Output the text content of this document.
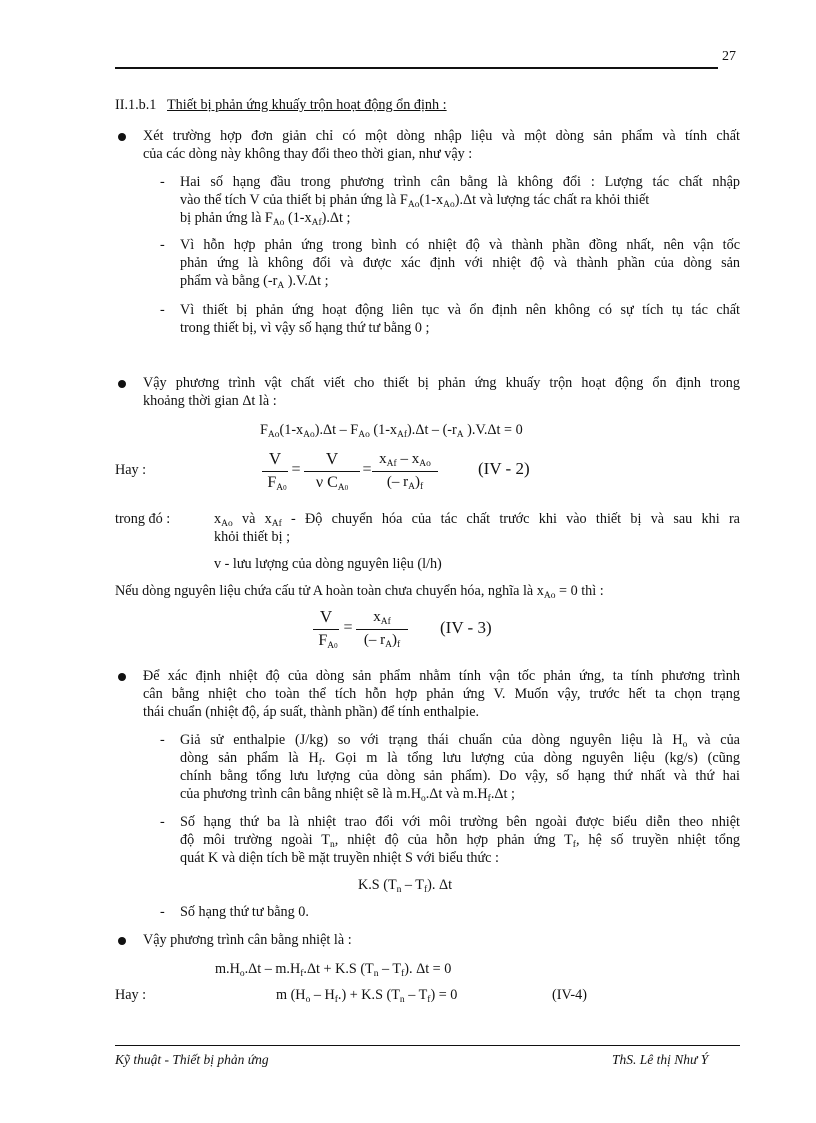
27
II.1.b.1 Thiết bị phản ứng khuấy trộn hoạt động ổn định :
Xét trường hợp đơn giản chỉ có một dòng nhập liệu và một dòng sản phẩm và tính chất
của các dòng này không thay đổi theo thời gian, như vậy :
- Hai số hạng đầu trong phương trình cân bằng là không đổi : Lượng tác chất nhập
vào thể tích V của thiết bị phản ứng là $F_{Ao}(1-x_{Ao}).\Delta t$ và lượng tác chất ra khỏi thiết
bị phản ứng là $F_{Ao}$ $(1-x_{Af}).\Delta t$ ;
- Vì hỗn hợp phản ứng trong bình có nhiệt độ và thành phần đồng nhất, nên vận tốc
phản ứng là không đổi và được xác định với nhiệt độ và thành phần của dòng sản
phẩm và bằng ($-r_A$ ).V.Δt ;
- Vì thiết bị phản ứng hoạt động liên tục và ổn định nên không có sự tích tụ tác chất
trong thiết bị, vì vậy số hạng thứ tư bằng 0 ;
Vậy phương trình vật chất viết cho thiết bị phản ứng khuấy trộn hoạt động ổn định trong
khoảng thời gian Δt là :
$F_{Ao}(1-x_{Ao}).\Delta t - F_{Ao}$ $(1-x_{Af}).\Delta t - (-r_A$ ).V.Δt = 0
Hay :
V
$F_{A0}$
=
V
ν $C_{A0}$
=
$x_{Af} - x_{Ao}$
(– $r_A)_f$
(IV - 2)
trong đó :	$x_{Ao}$ và $x_{Af}$ - Độ chuyển hóa của tác chất trước khi vào thiết bị và sau khi ra
khỏi thiết bị ;
v - lưu lượng của dòng nguyên liệu (l/h)
Nếu dòng nguyên liệu chứa cấu tử A hoàn toàn chưa chuyển hóa, nghĩa là $x_{Ao} = 0$ thì :
V
$F_{A0}$
=
$x_{Af}$
(– $r_A)_f$
(IV - 3)
Để xác định nhiệt độ của dòng sản phẩm nhằm tính vận tốc phản ứng, ta tính phương trình
cân bằng nhiệt cho toàn thể tích hỗn hợp phản ứng V. Muốn vậy, trước hết ta chọn trạng
thái chuẩn (nhiệt độ, áp suất, thành phần) để tính enthalpie.
- Giả sử enthalpie (J/kg) so với trạng thái chuẩn của dòng nguyên liệu là $H_o$ và của
dòng sản phẩm là $H_f$. Gọi m là tổng lưu lượng của dòng nguyên liệu (kg/s) (cũng
chính bằng tổng lưu lượng của dòng sản phẩm). Do vậy, số hạng thứ nhất và thứ hai
của phương trình cân bằng nhiệt sẽ là $m.H_o.\Delta t$ và $m.H_f.\Delta t$ ;
- Số hạng thứ ba là nhiệt trao đổi với môi trường bên ngoài được biểu diễn theo nhiệt
độ môi trường ngoài $T_n$, nhiệt độ của hỗn hợp phản ứng $T_f$, hệ số truyền nhiệt tổng
quát K và diện tích bề mặt truyền nhiệt S với biểu thức :
K.S $(T_n - T_f)$. Δt
- Số hạng thứ tư bằng 0.
Vậy phương trình cân bằng nhiệt là :
$m.H_o.\Delta t - m.H_f.\Delta t + K.S$ $(T_n - T_f)$. Δt = 0
Hay :	m $(H_o - H_f.) + K.S$ $(T_n - T_f) = 0$	(IV-4)
Kỹ thuật - Thiết bị phản ứng	ThS. Lê thị Như Ý
